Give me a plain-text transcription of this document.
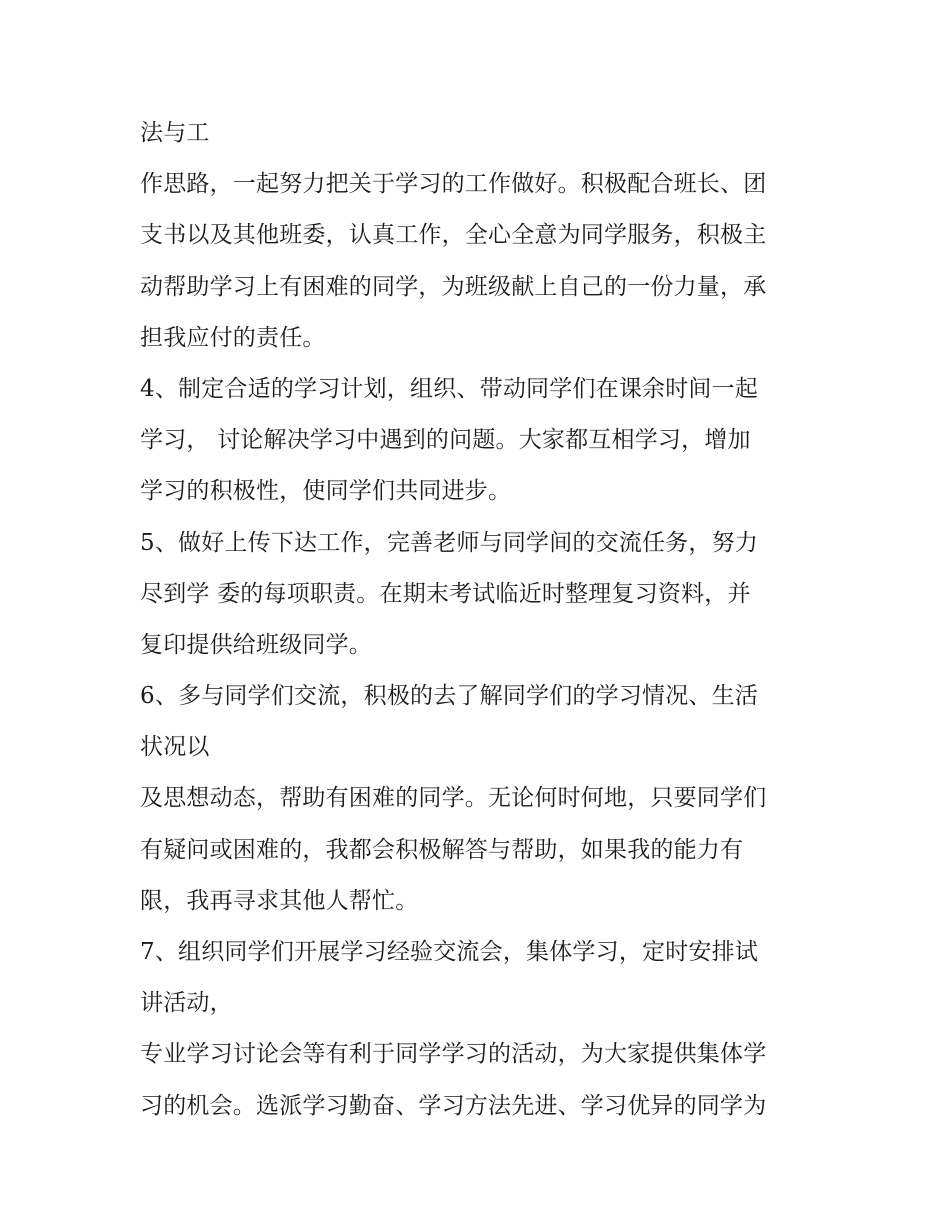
法与工
作思路，一起努力把关于学习的工作做好。积极配合班长、团
支书以及其他班委，认真工作，全心全意为同学服务，积极主
动帮助学习上有困难的同学，为班级献上自己的一份力量，承
担我应付的责任。
4、制定合适的学习计划，组织、带动同学们在课余时间一起
学习， 讨论解决学习中遇到的问题。大家都互相学习，增加
学习的积极性，使同学们共同进步。
5、做好上传下达工作，完善老师与同学间的交流任务，努力
尽到学 委的每项职责。在期末考试临近时整理复习资料，并
复印提供给班级同学。
6、多与同学们交流，积极的去了解同学们的学习情况、生活
状况以
及思想动态，帮助有困难的同学。无论何时何地，只要同学们
有疑问或困难的，我都会积极解答与帮助，如果我的能力有
限，我再寻求其他人帮忙。
7、组织同学们开展学习经验交流会，集体学习，定时安排试
讲活动，
专业学习讨论会等有利于同学学习的活动，为大家提供集体学
习的机会。选派学习勤奋、学习方法先进、学习优异的同学为
